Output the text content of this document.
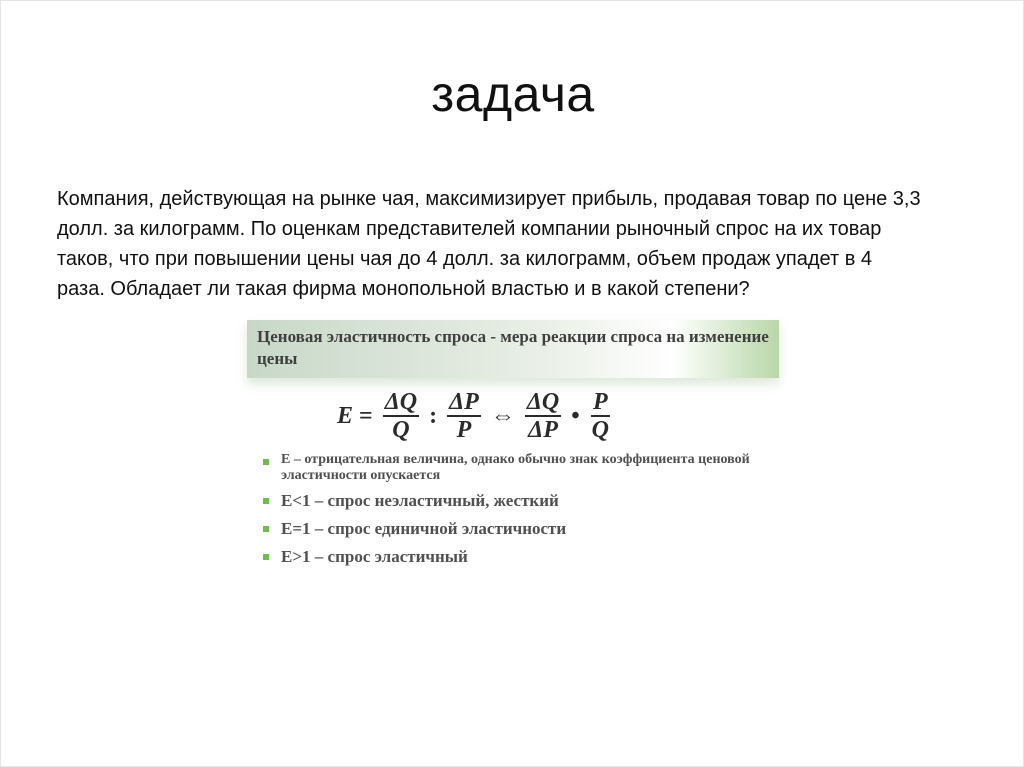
задача
Компания, действующая на рынке чая, максимизирует прибыль, продавая товар по цене 3,3
долл. за килограмм. По оценкам представителей компании рыночный спрос на их товар
таков, что при повышении цены чая до 4 долл. за килограмм, объем продаж упадет в 4
раза. Обладает ли такая фирма монопольной властью и в какой степени?
Ценовая эластичность спроса - мера реакции спроса на изменение цены
$E = \frac{\Delta Q}{Q}$ : $\frac{\Delta P}{P}$ ⇔ $\frac{\Delta Q}{\Delta P}$ • $\frac{P}{Q}$
Е – отрицательная величина, однако обычно знак коэффициента ценовой эластичности опускается
Е<1 – спрос неэластичный, жесткий
Е=1 – спрос единичной эластичности
Е>1 – спрос эластичный
